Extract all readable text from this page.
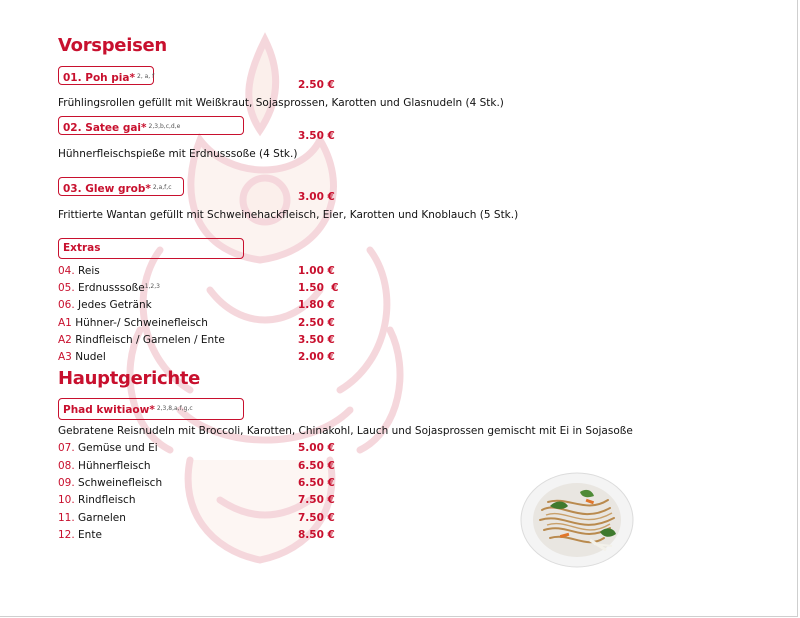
Vorspeisen
01. Poh pia* $^{2, a, f}$
2.50 €
Frühlingsrollen gefüllt mit Weißkraut, Sojasprossen, Karotten und Glasnudeln (4 Stk.)
02. Satee gai* $^{2,3,b,c,d,e}$
3.50 €
Hühnerfleischspieße mit Erdnusssoße (4 Stk.)
03. Glew grob* $^{2,a,f,c}$
3.00 €
Frittierte Wantan gefüllt mit Schweinehackfleisch, Eier, Karotten und Knoblauch (5 Stk.)
Extras
04. Reis	1.00 €
05. Erdnusssoße$^{1,2,3}$	1.50  €
06. Jedes Getränk	1.80 €
A1 Hühner-/ Schweinefleisch	2.50 €
A2 Rindfleisch / Garnelen / Ente	3.50 €
A3 Nudel	2.00 €
Hauptgerichte
Phad kwitiaow* $^{2,3,8,a,f,g,c}$
Gebratene Reisnudeln mit Broccoli, Karotten, Chinakohl, Lauch und Sojasprossen gemischt mit Ei in Sojasoße
07. Gemüse und Ei	5.00 €
08. Hühnerfleisch	6.50 €
09. Schweinefleisch	6.50 €
10. Rindfleisch	7.50 €
11. Garnelen	7.50 €
12. Ente	8.50 €
